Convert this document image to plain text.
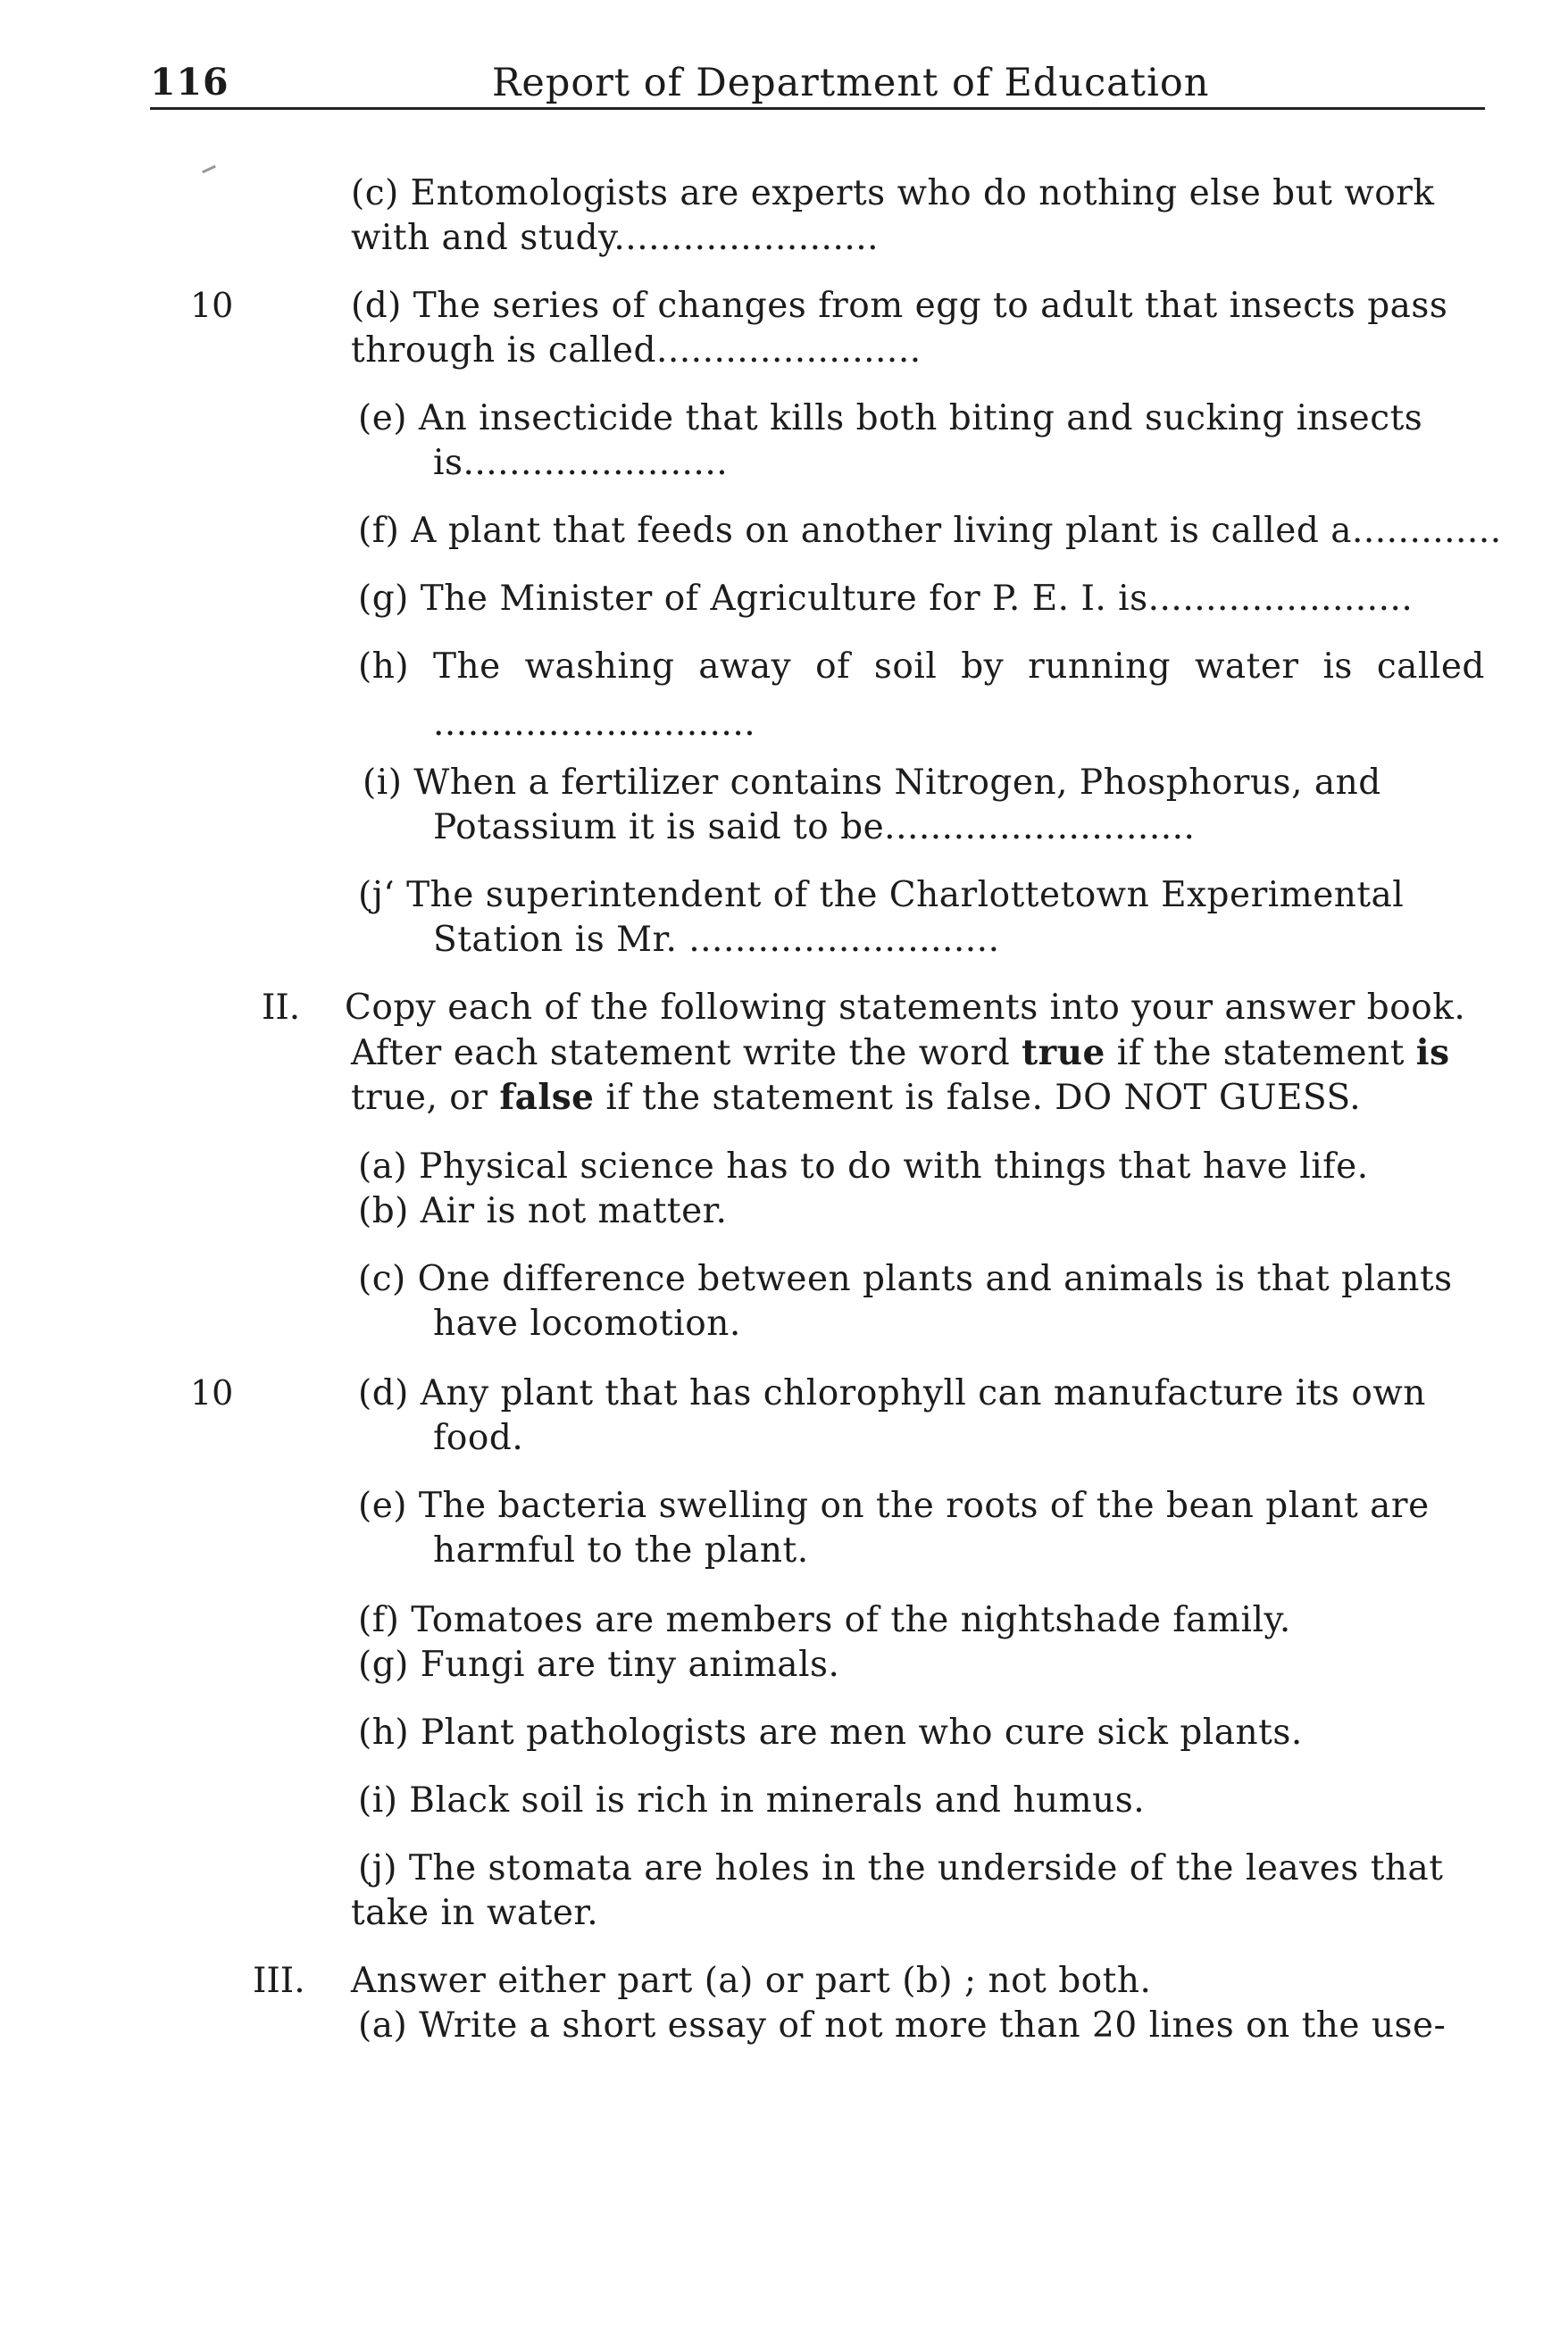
116	Report of Department of Education
(c) Entomologists are experts who do nothing else but work
with and study.......................
10	(d) The series of changes from egg to adult that insects pass
through is called.......................
(e) An insecticide that kills both biting and sucking insects
is.......................
(f) A plant that feeds on another living plant is called a.............
(g) The Minister of Agriculture for P. E. I. is.......................
(h) The washing away of soil by running water is called
............................
(i) When a fertilizer contains Nitrogen, Phosphorus, and
Potassium it is said to be...........................
(j‘ The superintendent of the Charlottetown Experimental
Station is Mr. ...........................
II. Copy each of the following statements into your answer book.
After each statement write the word true if the statement is
true, or false if the statement is false. DO NOT GUESS.
(a) Physical science has to do with things that have life.
(b) Air is not matter.
(c) One difference between plants and animals is that plants
have locomotion.
10	(d) Any plant that has chlorophyll can manufacture its own
food.
(e) The bacteria swelling on the roots of the bean plant are
harmful to the plant.
(f) Tomatoes are members of the nightshade family.
(g) Fungi are tiny animals.
(h) Plant pathologists are men who cure sick plants.
(i) Black soil is rich in minerals and humus.
(j) The stomata are holes in the underside of the leaves that
take in water.
III. Answer either part (a) or part (b) ; not both.
(a) Write a short essay of not more than 20 lines on the use-
